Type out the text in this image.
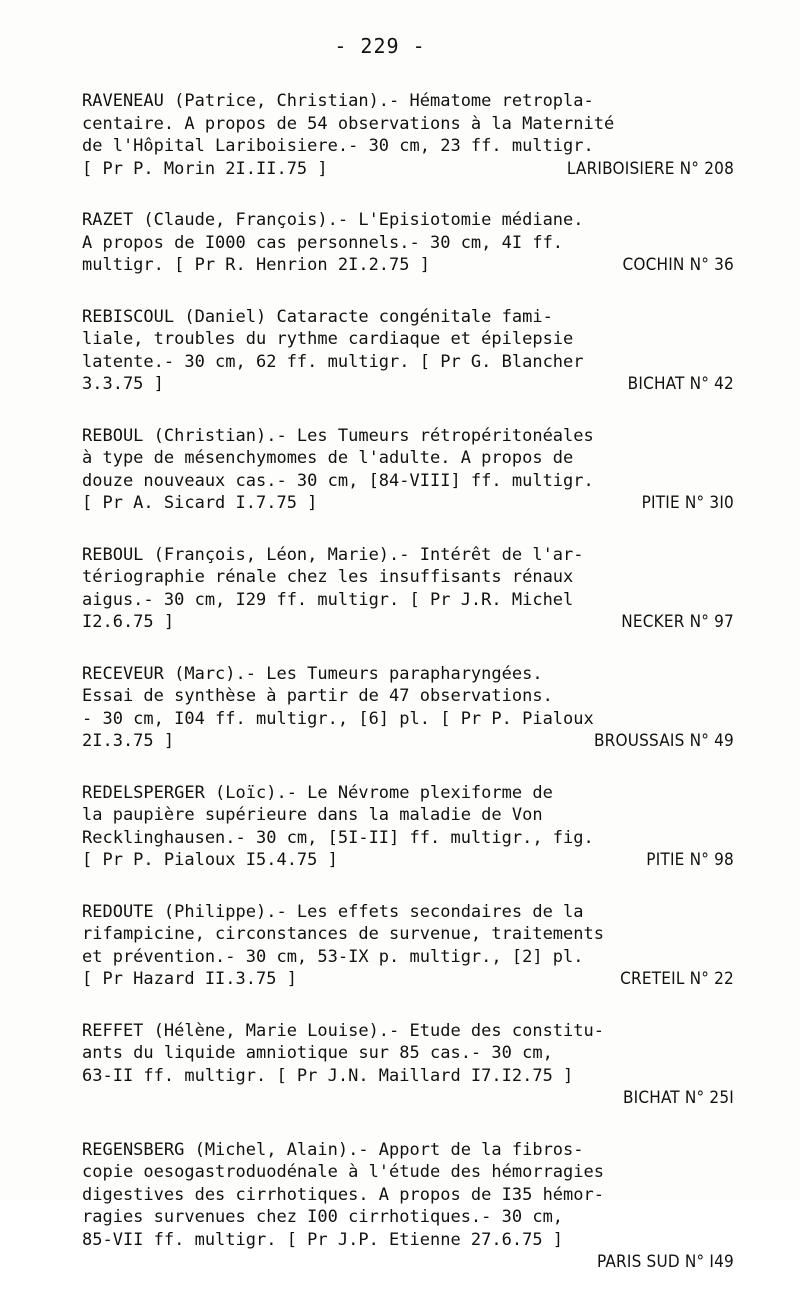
- 229 -
RAVENEAU (Patrice, Christian).- Hématome retropla-
centaire. A propos de 54 observations à la Maternité
de l'Hôpital Lariboisiere.- 30 cm, 23 ff. multigr.
[ Pr P. Morin 2I.II.75 ]	LARIBOISIERE N° 208
RAZET (Claude, François).- L'Episiotomie médiane.
A propos de I000 cas personnels.- 30 cm, 4I ff.
multigr. [ Pr R. Henrion 2I.2.75 ]	COCHIN N° 36
REBISCOUL (Daniel) Cataracte congénitale fami-
liale, troubles du rythme cardiaque et épilepsie
latente.- 30 cm, 62 ff. multigr. [ Pr G. Blancher
3.3.75 ]	BICHAT N° 42
REBOUL (Christian).- Les Tumeurs rétropéritonéales
à type de mésenchymomes de l'adulte. A propos de
douze nouveaux cas.- 30 cm, [84-VIII] ff. multigr.
[ Pr A. Sicard I.7.75 ]	PITIE N° 3I0
REBOUL (François, Léon, Marie).- Intérêt de l'ar-
tériographie rénale chez les insuffisants rénaux
aigus.- 30 cm, I29 ff. multigr. [ Pr J.R. Michel
I2.6.75 ]	NECKER N° 97
RECEVEUR (Marc).- Les Tumeurs parapharyngées.
Essai de synthèse à partir de 47 observations.
- 30 cm, I04 ff. multigr., [6] pl. [ Pr P. Pialoux
2I.3.75 ]	BROUSSAIS N° 49
REDELSPERGER (Loïc).- Le Névrome plexiforme de
la paupière supérieure dans la maladie de Von
Recklinghausen.- 30 cm, [5I-II] ff. multigr., fig.
[ Pr P. Pialoux I5.4.75 ]	PITIE N° 98
REDOUTE (Philippe).- Les effets secondaires de la
rifampicine, circonstances de survenue, traitements
et prévention.- 30 cm, 53-IX p. multigr., [2] pl.
[ Pr Hazard II.3.75 ]	CRETEIL N° 22
REFFET (Hélène, Marie Louise).- Etude des constitu-
ants du liquide amniotique sur 85 cas.- 30 cm,
63-II ff. multigr. [ Pr J.N. Maillard I7.I2.75 ]
BICHAT N° 25I
REGENSBERG (Michel, Alain).- Apport de la fibros-
copie oesogastroduodénale à l'étude des hémorragies
digestives des cirrhotiques. A propos de I35 hémor-
ragies survenues chez I00 cirrhotiques.- 30 cm,
85-VII ff. multigr. [ Pr J.P. Etienne 27.6.75 ]
PARIS SUD N° I49
